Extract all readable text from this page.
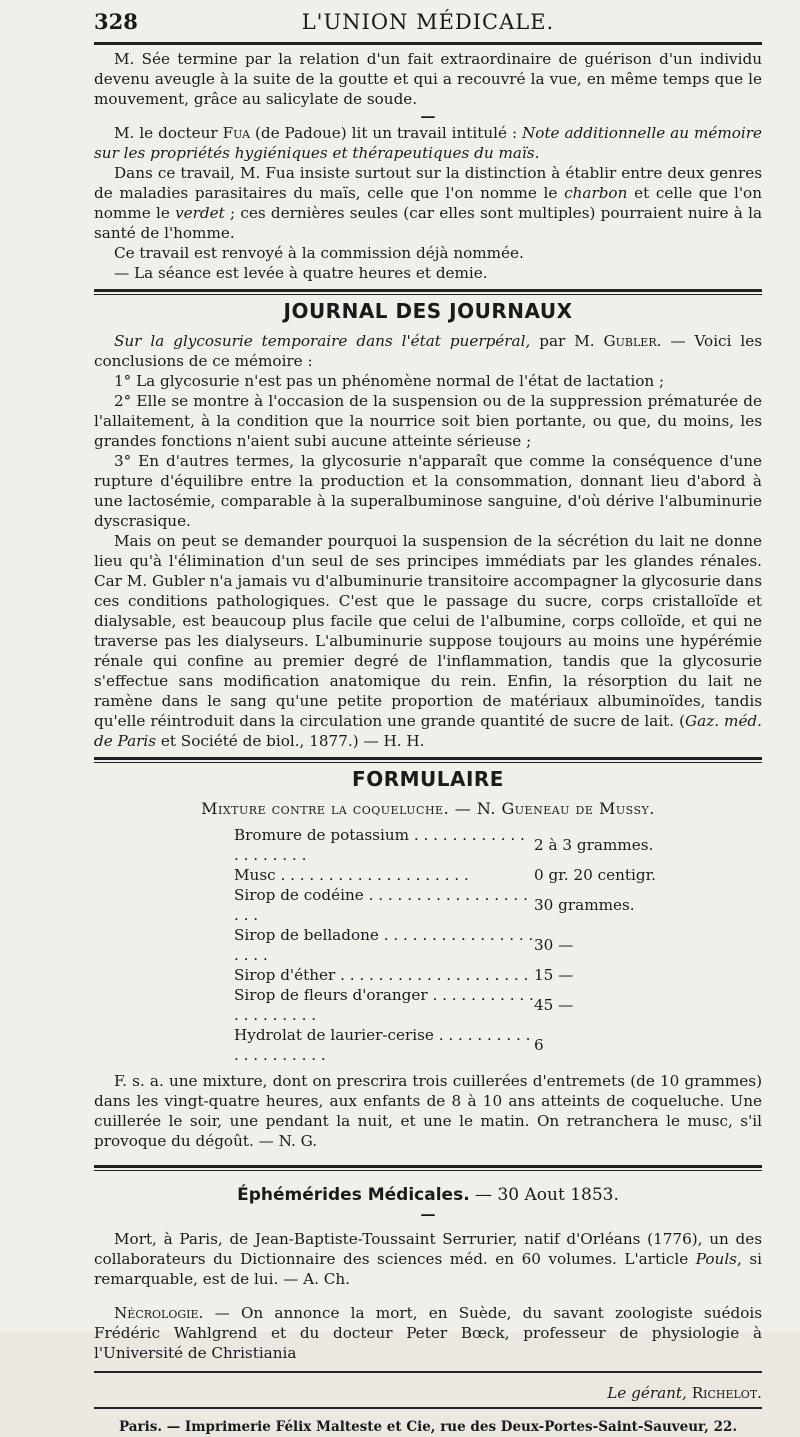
328	L'UNION MÉDICALE.

M. Sée termine par la relation d'un fait extraordinaire de guérison d'un individu devenu aveugle à la suite de la goutte et qui a recouvré la vue, en même temps que le mouvement, grâce au salicylate de soude.

—

M. le docteur Fua (de Padoue) lit un travail intitulé : Note additionnelle au mémoire sur les propriétés hygiéniques et thérapeutiques du maïs.

Dans ce travail, M. Fua insiste surtout sur la distinction à établir entre deux genres de maladies parasitaires du maïs, celle que l'on nomme le charbon et celle que l'on nomme le verdet ; ces dernières seules (car elles sont multiples) pourraient nuire à la santé de l'homme.

Ce travail est renvoyé à la commission déjà nommée.

— La séance est levée à quatre heures et demie.

JOURNAL DES JOURNAUX

Sur la glycosurie temporaire dans l'état puerpéral, par M. Gubler. — Voici les conclusions de ce mémoire :

1° La glycosurie n'est pas un phénomène normal de l'état de lactation ;

2° Elle se montre à l'occasion de la suspension ou de la suppression prématurée de l'allaitement, à la condition que la nourrice soit bien portante, ou que, du moins, les grandes fonctions n'aient subi aucune atteinte sérieuse ;

3° En d'autres termes, la glycosurie n'apparaît que comme la conséquence d'une rupture d'équilibre entre la production et la consommation, donnant lieu d'abord à une lactosémie, comparable à la superalbuminose sanguine, d'où dérive l'albuminurie dyscrasique.

Mais on peut se demander pourquoi la suspension de la sécrétion du lait ne donne lieu qu'à l'élimination d'un seul de ses principes immédiats par les glandes rénales. Car M. Gubler n'a jamais vu d'albuminurie transitoire accompagner la glycosurie dans ces conditions pathologiques. C'est que le passage du sucre, corps cristalloïde et dialysable, est beaucoup plus facile que celui de l'albumine, corps colloïde, et qui ne traverse pas les dialyseurs. L'albuminurie suppose toujours au moins une hypérémie rénale qui confine au premier degré de l'inflammation, tandis que la glycosurie s'effectue sans modification anatomique du rein. Enfin, la résorption du lait ne ramène dans le sang qu'une petite proportion de matériaux albuminoïdes, tandis qu'elle réintroduit dans la circulation une grande quantité de sucre de lait. (Gaz. méd. de Paris et Société de biol., 1877.) — H. H.

FORMULAIRE
Mixture contre la coqueluche. — N. Gueneau de Mussy.
Bromure de potassium . . . . . . . . . . . . . . . . . . . .	2 à 3 grammes.
Musc . . . . . . . . . . . . . . . . . . . .	0 gr. 20 centigr.
Sirop de codéine . . . . . . . . . . . . . . . . . . . .	30 grammes.
Sirop de belladone . . . . . . . . . . . . . . . . . . . .	30 —
Sirop d'éther . . . . . . . . . . . . . . . . . . . .	15 —
Sirop de fleurs d'oranger . . . . . . . . . . . . . . . . . . . .	45 —
Hydrolat de laurier-cerise . . . . . . . . . . . . . . . . . . . .	6

F. s. a. une mixture, dont on prescrira trois cuillerées d'entremets (de 10 grammes) dans les vingt-quatre heures, aux enfants de 8 à 10 ans atteints de coqueluche. Une cuillerée le soir, une pendant la nuit, et une le matin. On retranchera le musc, s'il provoque du dégoût. — N. G.

Éphémérides Médicales. — 30 Aout 1853.
—

Mort, à Paris, de Jean-Baptiste-Toussaint Serrurier, natif d'Orléans (1776), un des collaborateurs du Dictionnaire des sciences méd. en 60 volumes. L'article Pouls, si remarquable, est de lui. — A. Ch.

Nécrologie. — On annonce la mort, en Suède, du savant zoologiste suédois Frédéric Wahlgrend et du docteur Peter Bœck, professeur de physiologie à l'Université de Christiania

Le gérant, Richelot.
Paris. — Imprimerie Félix Malteste et Cie, rue des Deux-Portes-Saint-Sauveur, 22.
